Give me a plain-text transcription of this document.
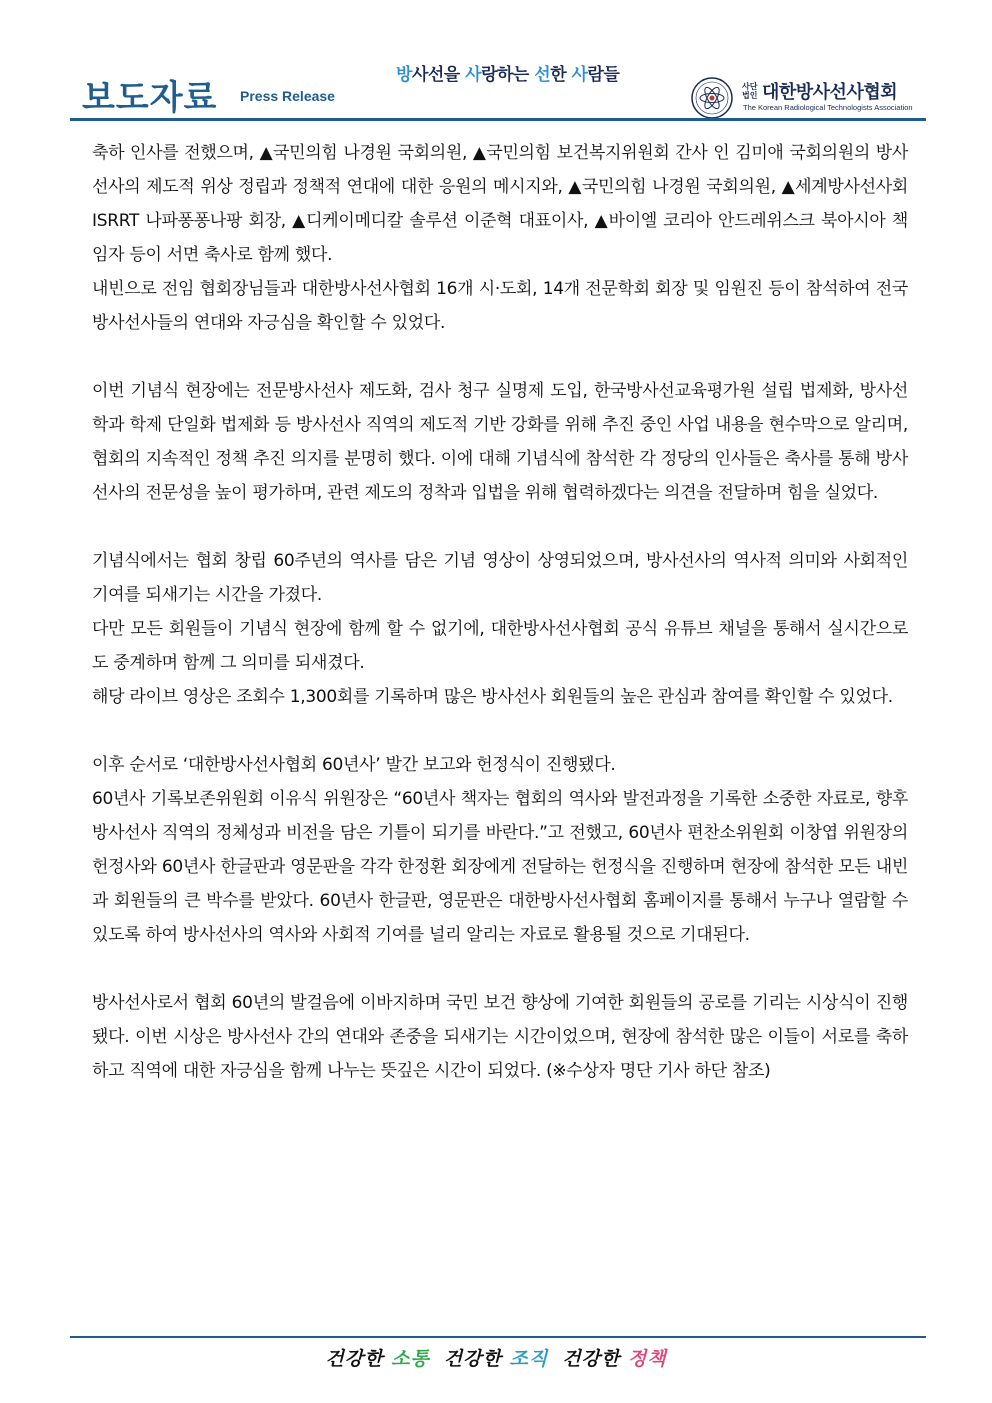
보도자료 Press Release
방사선을 사랑하는 선한 사람들
사단 법인 대한방사선사협회
The Korean Radiological Technologists Association

축하 인사를 전했으며, ▲국민의힘 나경원 국회의원, ▲국민의힘 보건복지위원회 간사 인 김미애 국회의원의 방사선사의 제도적 위상 정립과 정책적 연대에 대한 응원의 메시지와, ▲국민의힘 나경원 국회의원, ▲세계방사선사회 ISRRT 나파퐁퐁나팡 회장, ▲디케이메디칼 솔루션 이준혁 대표이사, ▲바이엘 코리아 안드레위스크 북아시아 책임자 등이 서면 축사로 함께 했다.

내빈으로 전임 협회장님들과 대한방사선사협회 16개 시·도회, 14개 전문학회 회장 및 임원진 등이 참석하여 전국 방사선사들의 연대와 자긍심을 확인할 수 있었다.

이번 기념식 현장에는 전문방사선사 제도화, 검사 청구 실명제 도입, 한국방사선교육평가원 설립 법제화, 방사선학과 학제 단일화 법제화 등 방사선사 직역의 제도적 기반 강화를 위해 추진 중인 사업 내용을 현수막으로 알리며, 협회의 지속적인 정책 추진 의지를 분명히 했다. 이에 대해 기념식에 참석한 각 정당의 인사들은 축사를 통해 방사선사의 전문성을 높이 평가하며, 관련 제도의 정착과 입법을 위해 협력하겠다는 의견을 전달하며 힘을 실었다.

기념식에서는 협회 창립 60주년의 역사를 담은 기념 영상이 상영되었으며, 방사선사의 역사적 의미와 사회적인 기여를 되새기는 시간을 가졌다.

다만 모든 회원들이 기념식 현장에 함께 할 수 없기에, 대한방사선사협회 공식 유튜브 채널을 통해서 실시간으로도 중계하며 함께 그 의미를 되새겼다.

해당 라이브 영상은 조회수 1,300회를 기록하며 많은 방사선사 회원들의 높은 관심과 참여를 확인할 수 있었다.

이후 순서로 ‘대한방사선사협회 60년사’ 발간 보고와 헌정식이 진행됐다.

60년사 기록보존위원회 이유식 위원장은 “60년사 책자는 협회의 역사와 발전과정을 기록한 소중한 자료로, 향후 방사선사 직역의 정체성과 비전을 담은 기틀이 되기를 바란다.”고 전했고, 60년사 편찬소위원회 이창엽 위원장의 헌정사와 60년사 한글판과 영문판을 각각 한정환 회장에게 전달하는 헌정식을 진행하며 현장에 참석한 모든 내빈과 회원들의 큰 박수를 받았다. 60년사 한글판, 영문판은 대한방사선사협회 홈페이지를 통해서 누구나 열람할 수 있도록 하여 방사선사의 역사와 사회적 기여를 널리 알리는 자료로 활용될 것으로 기대된다.

방사선사로서 협회 60년의 발걸음에 이바지하며 국민 보건 향상에 기여한 회원들의 공로를 기리는 시상식이 진행됐다. 이번 시상은 방사선사 간의 연대와 존중을 되새기는 시간이었으며, 현장에 참석한 많은 이들이 서로를 축하하고 직역에 대한 자긍심을 함께 나누는 뜻깊은 시간이 되었다. (※수상자 명단 기사 하단 참조)

건강한 소통 건강한 조직 건강한 정책
